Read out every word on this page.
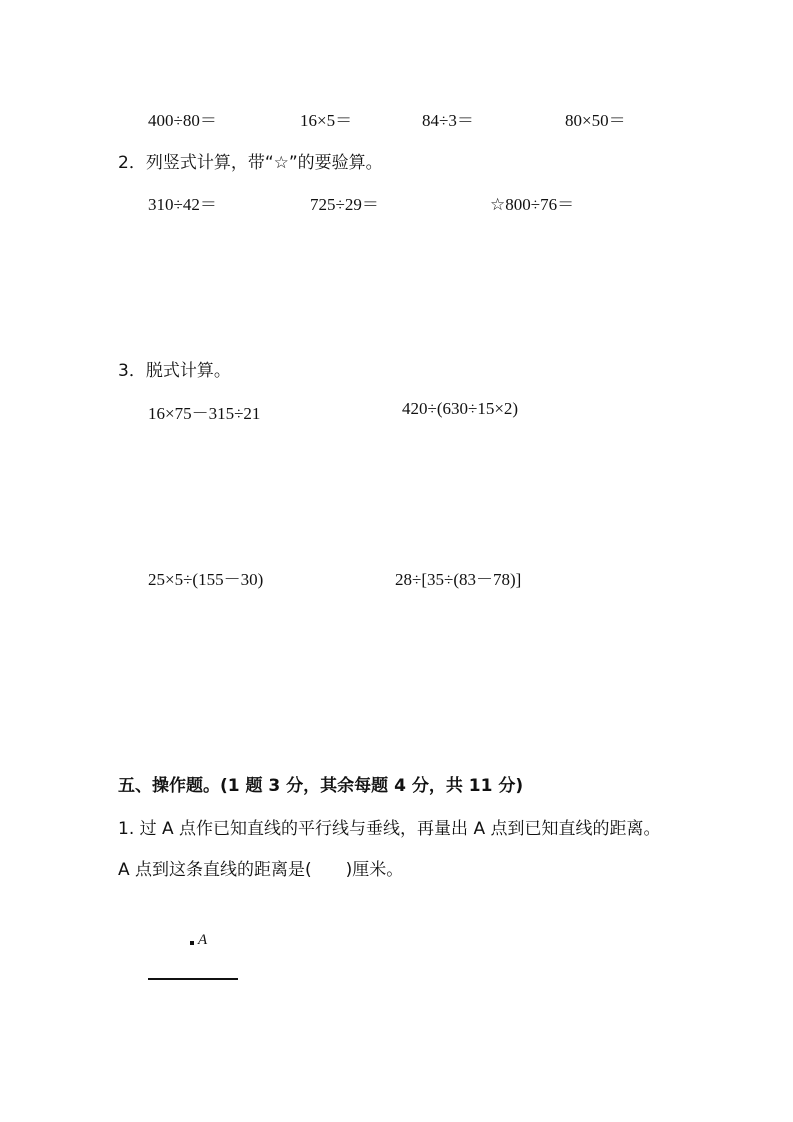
400÷80＝	16×5＝	84÷3＝	80×50＝
2．列竖式计算，带“☆”的要验算。
310÷42＝	725÷29＝	☆800÷76＝
3．脱式计算。
16×75－315÷21	420÷(630÷15×2)
25×5÷(155－30)	28÷[35÷(83－78)]
五、操作题。(1 题 3 分，其余每题 4 分，共 11 分)
1. 过 A 点作已知直线的平行线与垂线，再量出 A 点到已知直线的距离。
A 点到这条直线的距离是(　　)厘米。
A
